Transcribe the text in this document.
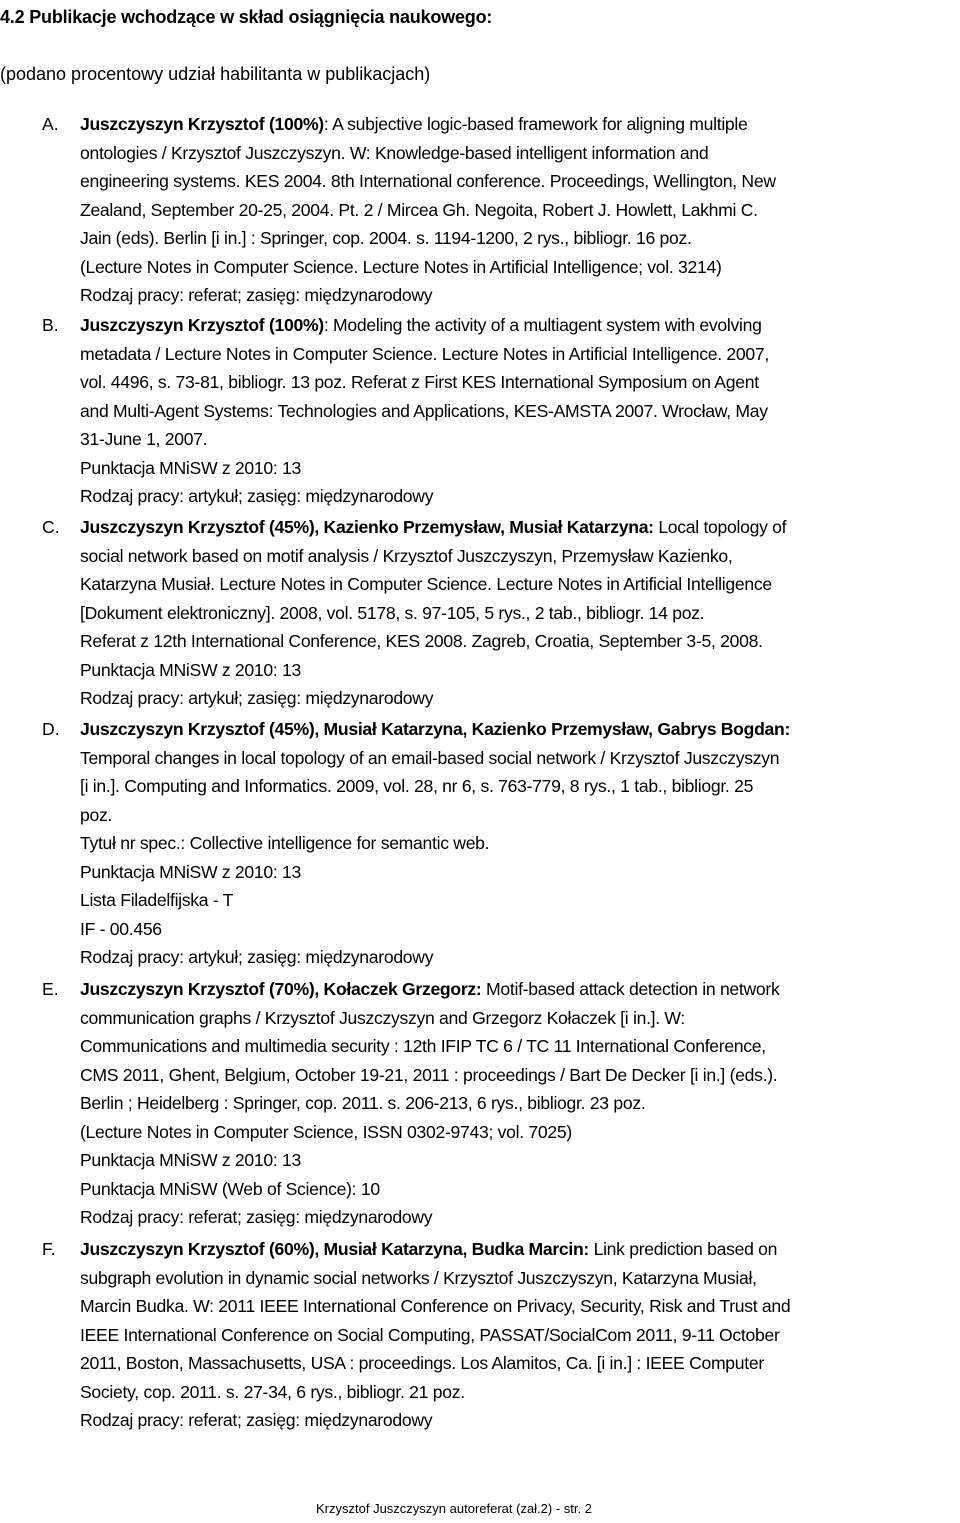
4.2 Publikacje wchodzące w skład osiągnięcia naukowego:
(podano procentowy udział habilitanta w publikacjach)
A. Juszczyszyn Krzysztof (100%): A subjective logic-based framework for aligning multiple
ontologies / Krzysztof Juszczyszyn. W: Knowledge-based intelligent information and
engineering systems. KES 2004. 8th International conference. Proceedings, Wellington, New
Zealand, September 20-25, 2004. Pt. 2 / Mircea Gh. Negoita, Robert J. Howlett, Lakhmi C.
Jain (eds). Berlin [i in.] : Springer, cop. 2004. s. 1194-1200, 2 rys., bibliogr. 16 poz.
(Lecture Notes in Computer Science. Lecture Notes in Artificial Intelligence; vol. 3214)
Rodzaj pracy: referat; zasięg: międzynarodowy
B. Juszczyszyn Krzysztof (100%): Modeling the activity of a multiagent system with evolving
metadata / Lecture Notes in Computer Science. Lecture Notes in Artificial Intelligence. 2007,
vol. 4496, s. 73-81, bibliogr. 13 poz. Referat z First KES International Symposium on Agent
and Multi-Agent Systems: Technologies and Applications, KES-AMSTA 2007. Wrocław, May
31-June 1, 2007.
Punktacja MNiSW z 2010: 13
Rodzaj pracy: artykuł; zasięg: międzynarodowy
C. Juszczyszyn Krzysztof (45%), Kazienko Przemysław, Musiał Katarzyna: Local topology of
social network based on motif analysis / Krzysztof Juszczyszyn, Przemysław Kazienko,
Katarzyna Musiał. Lecture Notes in Computer Science. Lecture Notes in Artificial Intelligence
[Dokument elektroniczny]. 2008, vol. 5178, s. 97-105, 5 rys., 2 tab., bibliogr. 14 poz.
Referat z 12th International Conference, KES 2008. Zagreb, Croatia, September 3-5, 2008.
Punktacja MNiSW z 2010: 13
Rodzaj pracy: artykuł; zasięg: międzynarodowy
D. Juszczyszyn Krzysztof (45%), Musiał Katarzyna, Kazienko Przemysław, Gabrys Bogdan:
Temporal changes in local topology of an email-based social network / Krzysztof Juszczyszyn
[i in.]. Computing and Informatics. 2009, vol. 28, nr 6, s. 763-779, 8 rys., 1 tab., bibliogr. 25
poz.
Tytuł nr spec.: Collective intelligence for semantic web.
Punktacja MNiSW z 2010: 13
Lista Filadelfijska - T
IF - 00.456
Rodzaj pracy: artykuł; zasięg: międzynarodowy
E. Juszczyszyn Krzysztof (70%), Kołaczek Grzegorz: Motif-based attack detection in network
communication graphs / Krzysztof Juszczyszyn and Grzegorz Kołaczek [i in.]. W:
Communications and multimedia security : 12th IFIP TC 6 / TC 11 International Conference,
CMS 2011, Ghent, Belgium, October 19-21, 2011 : proceedings / Bart De Decker [i in.] (eds.).
Berlin ; Heidelberg : Springer, cop. 2011. s. 206-213, 6 rys., bibliogr. 23 poz.
(Lecture Notes in Computer Science, ISSN 0302-9743; vol. 7025)
Punktacja MNiSW z 2010: 13
Punktacja MNiSW (Web of Science): 10
Rodzaj pracy: referat; zasięg: międzynarodowy
F. Juszczyszyn Krzysztof (60%), Musiał Katarzyna, Budka Marcin: Link prediction based on
subgraph evolution in dynamic social networks / Krzysztof Juszczyszyn, Katarzyna Musiał,
Marcin Budka. W: 2011 IEEE International Conference on Privacy, Security, Risk and Trust and
IEEE International Conference on Social Computing, PASSAT/SocialCom 2011, 9-11 October
2011, Boston, Massachusetts, USA : proceedings. Los Alamitos, Ca. [i in.] : IEEE Computer
Society, cop. 2011. s. 27-34, 6 rys., bibliogr. 21 poz.
Rodzaj pracy: referat; zasięg: międzynarodowy
Krzysztof Juszczyszyn autoreferat (zał.2) - str. 2
